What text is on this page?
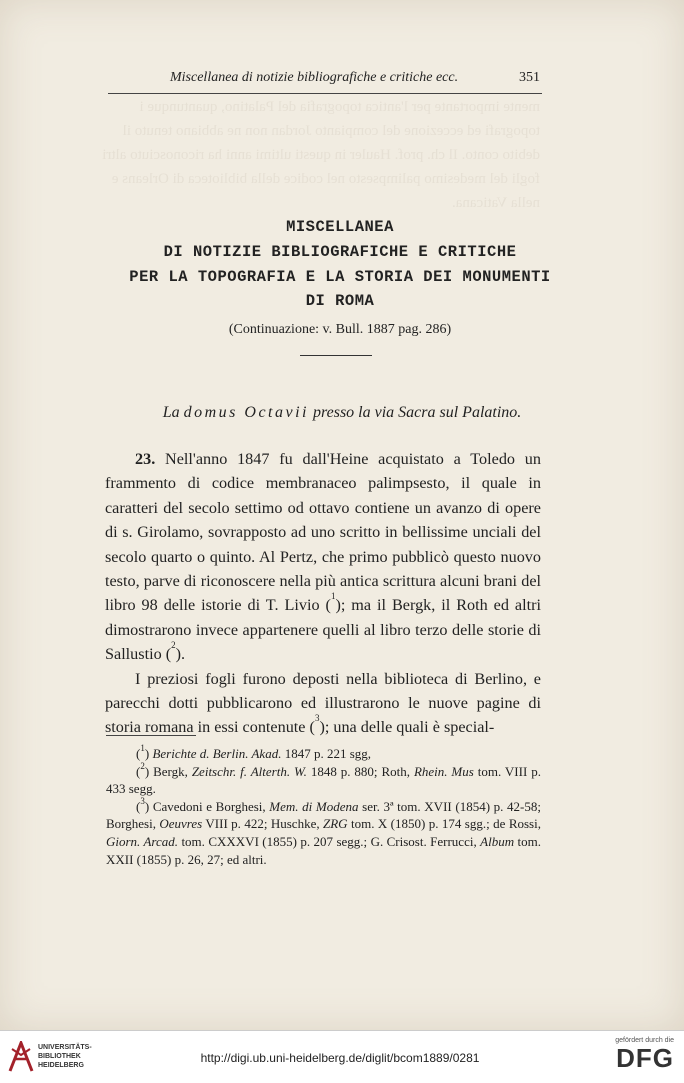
mente importante per l'antica topografia del Palatino, quantunque i topografi ed eccezione del compianto Jordan non ne abbiano tenuto il debito conto. Il ch. prof. Hauler in questi ultimi anni ha riconosciuto altri fogli del medesimo palimpsesto nel codice della biblioteca di Orleans e nella Vaticana.
Miscellanea di notizie bibliografiche e critiche ecc.	351
MISCELLANEA
DI NOTIZIE BIBLIOGRAFICHE E CRITICHE
PER LA TOPOGRAFIA E LA STORIA DEI MONUMENTI
DI ROMA
(Continuazione: v. Bull. 1887 pag. 286)
La domus Octavii presso la via Sacra sul Palatino.

23. Nell'anno 1847 fu dall'Heine acquistato a Toledo un frammento di codice membranaceo palimpsesto, il quale in caratteri del secolo settimo od ottavo contiene un avanzo di opere di s. Girolamo, sovrapposto ad uno scritto in bellissime unciali del secolo quarto o quinto. Al Pertz, che primo pubblicò questo nuovo testo, parve di riconoscere nella più antica scrittura alcuni brani del libro 98 delle istorie di T. Livio ($^1$); ma il Bergk, il Roth ed altri dimostrarono invece appartenere quelli al libro terzo delle storie di Sallustio ($^2$).

I preziosi fogli furono deposti nella biblioteca di Berlino, e parecchi dotti pubblicarono ed illustrarono le nuove pagine di storia romana in essi contenute ($^3$); una delle quali è special-

($^1$) Berichte d. Berlin. Akad. 1847 p. 221 sgg,

($^2$) Bergk, Zeitschr. f. Alterth. W. 1848 p. 880; Roth, Rhein. Mus tom. VIII p. 433 segg.

($^3$) Cavedoni e Borghesi, Mem. di Modena ser. 3ª tom. XVII (1854) p. 42-58; Borghesi, Oeuvres VIII p. 422; Huschke, ZRG tom. X (1850) p. 174 sgg.; de Rossi, Giorn. Arcad. tom. CXXXVI (1855) p. 207 segg.; G. Crisost. Ferrucci, Album tom. XXII (1855) p. 26, 27; ed altri.

UNIVERSITÄTS-
BIBLIOTHEK
HEIDELBERG
http://digi.ub.uni-heidelberg.de/diglit/bcom1889/0281
gefördert durch die
DFG
